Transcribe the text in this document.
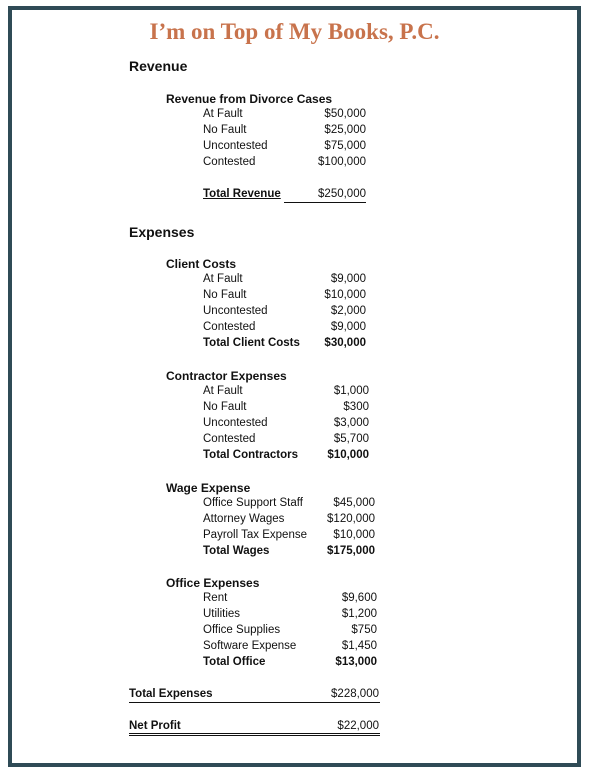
I’m on Top of My Books, P.C.
Revenue
Revenue from Divorce Cases
At Fault	$50,000
No Fault	$25,000
Uncontested	$75,000
Contested	$100,000
Total Revenue	$250,000
Expenses
Client Costs
At Fault	$9,000
No Fault	$10,000
Uncontested	$2,000
Contested	$9,000
Total Client Costs	$30,000
Contractor Expenses
At Fault	$1,000
No Fault	$300
Uncontested	$3,000
Contested	$5,700
Total Contractors	$10,000
Wage Expense
Office Support Staff	$45,000
Attorney Wages	$120,000
Payroll Tax Expense	$10,000
Total Wages	$175,000
Office Expenses
Rent	$9,600
Utilities	$1,200
Office Supplies	$750
Software Expense	$1,450
Total Office	$13,000
Total Expenses	$228,000
Net Profit	$22,000
